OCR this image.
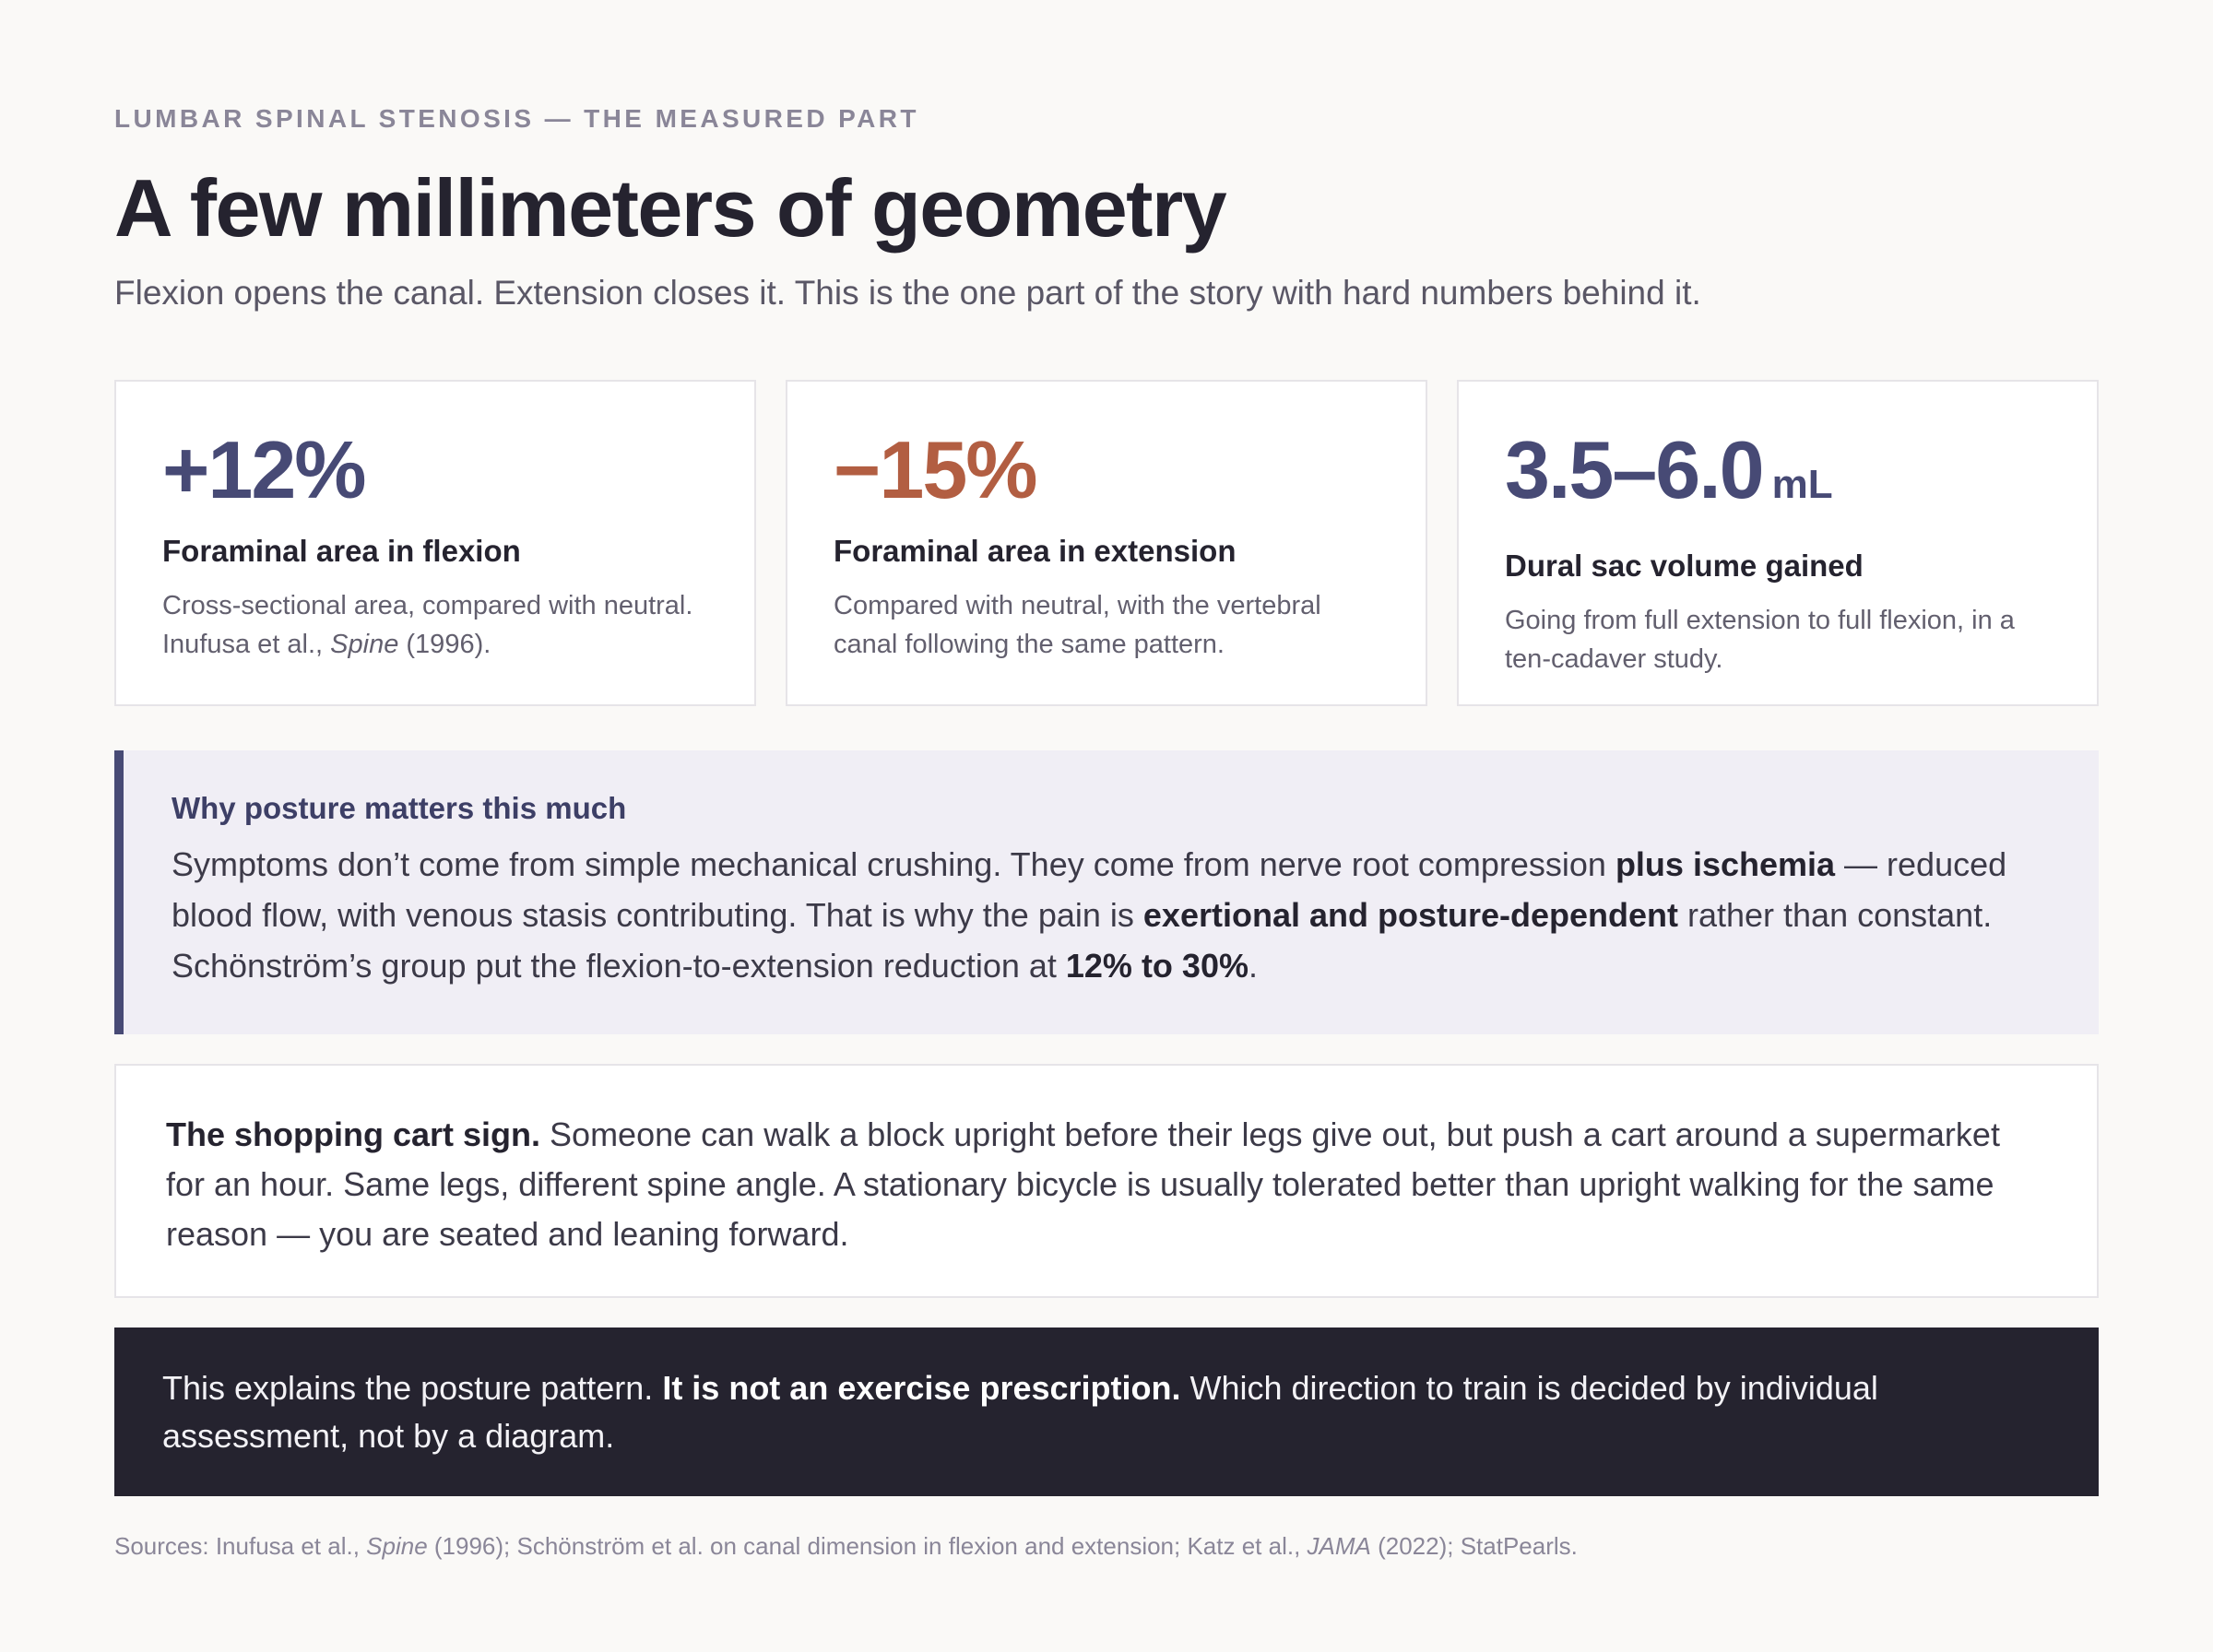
LUMBAR SPINAL STENOSIS — THE MEASURED PART

A few millimeters of geometry

Flexion opens the canal. Extension closes it. This is the one part of the story with hard numbers behind it.

+12%
Foraminal area in flexion
Cross-sectional area, compared with neutral. Inufusa et al., Spine (1996).
−15%
Foraminal area in extension
Compared with neutral, with the vertebral canal following the same pattern.
3.5–6.0 mL
Dural sac volume gained
Going from full extension to full flexion, in a ten-cadaver study.

Why posture matters this much

Symptoms don’t come from simple mechanical crushing. They come from nerve root compression plus ischemia — reduced blood flow, with venous stasis contributing. That is why the pain is exertional and posture-dependent rather than constant. Schönström’s group put the flexion-to-extension reduction at 12% to 30%.

The shopping cart sign. Someone can walk a block upright before their legs give out, but push a cart around a supermarket for an hour. Same legs, different spine angle. A stationary bicycle is usually tolerated better than upright walking for the same reason — you are seated and leaning forward.

This explains the posture pattern. It is not an exercise prescription. Which direction to train is decided by individual assessment, not by a diagram.

Sources: Inufusa et al., Spine (1996); Schönström et al. on canal dimension in flexion and extension; Katz et al., JAMA (2022); StatPearls.
